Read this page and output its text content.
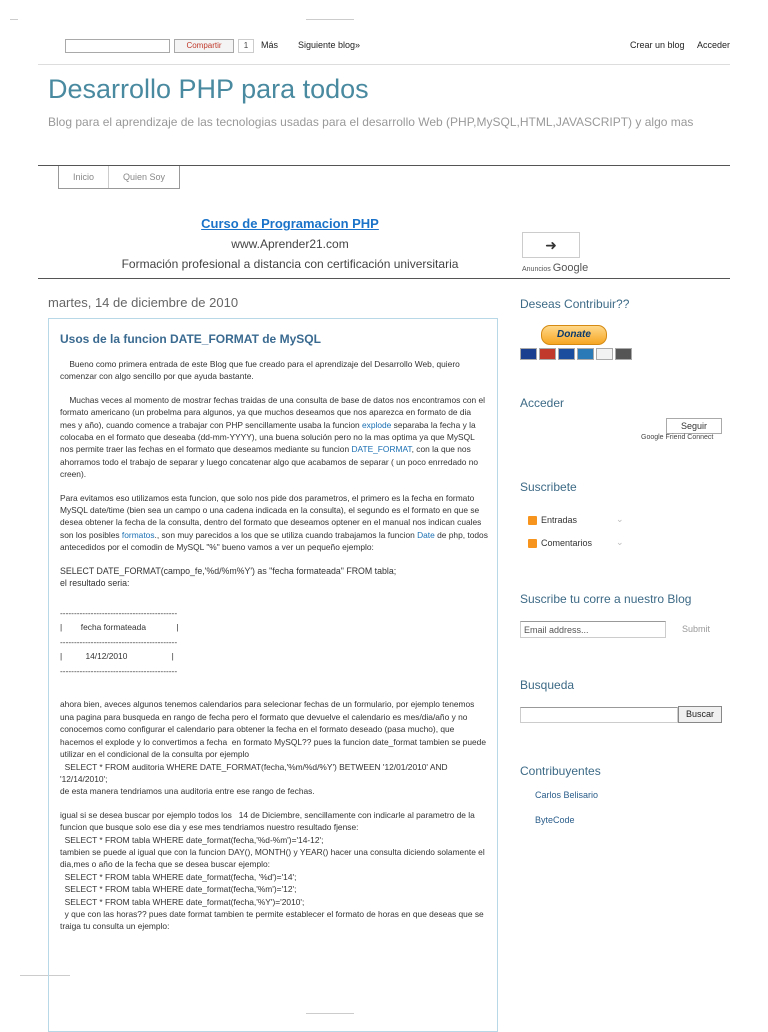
Compartir	1	Más Siguiente blog»	Crear un blog Acceder
Desarrollo PHP para todos
Blog para el aprendizaje de las tecnologias usadas para el desarrollo Web (PHP,MySQL,HTML,JAVASCRIPT) y algo mas
Inicio	Quien Soy
Curso de Programacion PHP
www.Aprender21.com
Formación profesional a distancia con certificación universitaria
➜
Anuncios Google
martes, 14 de diciembre de 2010
Usos de la funcion DATE_FORMAT de MySQL

Bueno como primera entrada de este Blog que fue creado para el aprendizaje del Desarrollo Web, quiero comenzar con algo sencillo por que ayuda bastante.

Muchas veces al momento de mostrar fechas traidas de una consulta de base de datos nos encontramos con el formato americano (un probelma para algunos, ya que muchos deseamos que nos aparezca en formato de dia mes y año), cuando comence a trabajar con PHP sencillamente usaba la funcion explode separaba la fecha y la colocaba en el formato que deseaba (dd-mm-YYYY), una buena solución pero no la mas optima ya que MySQL nos permite traer las fechas en el formato que deseamos mediante su funcion DATE_FORMAT, con la que nos ahorramos todo el trabajo de separar y luego concatenar algo que acabamos de separar ( un poco enrredado no creen).

Para evitamos eso utilizamos esta funcion, que solo nos pide dos parametros, el primero es la fecha en formato MySQL date/time (bien sea un campo o una cadena indicada en la consulta), el segundo es el formato en que se desea obtener la fecha de la consulta, dentro del formato que deseamos optener en el manual nos indican cuales son los posibles formatos., son muy parecidos a los que se utiliza cuando trabajamos la funcion Date de php, todos antecedidos por el comodin de MySQL "%" bueno vamos a ver un pequeño ejemplo:

SELECT DATE_FORMAT(campo_fe,'%d/%m%Y') as "fecha formateada" FROM tabla;
el resultado seria:

------------------------------------------
|        fecha formateada             |
------------------------------------------
|          14/12/2010                   |
------------------------------------------

ahora bien, aveces algunos tenemos calendarios para selecionar fechas de un formulario, por ejemplo tenemos una pagina para busqueda en rango de fecha pero el formato que devuelve el calendario es mes/dia/año y no conocemos como configurar el calendario para obtener la fecha en el formato deseado (pasa mucho), que hacemos el explode y lo convertimos a fecha  en formato MySQL?? pues la funcion date_format tambien se puede utilizar en el condicional de la consulta por ejemplo
SELECT * FROM auditoria WHERE DATE_FORMAT(fecha,'%m/%d/%Y') BETWEEN '12/01/2010' AND '12/14/2010';
de esta manera tendriamos una auditoria entre ese rango de fechas.

igual si se desea buscar por ejemplo todos los   14 de Diciembre, sencillamente con indicarle al parametro de la funcion que busque solo ese dia y ese mes tendriamos nuestro resultado fjense:
SELECT * FROM tabla WHERE date_format(fecha,'%d-%m')='14-12';
tambien se puede al igual que con la funcion DAY(), MONTH() y YEAR() hacer una consulta diciendo solamente el dia,mes o año de la fecha que se desea buscar ejemplo:
SELECT * FROM tabla WHERE date_format(fecha, '%d')='14';
SELECT * FROM tabla WHERE date_format(fecha,'%m')='12';
SELECT * FROM tabla WHERE date_format(fecha,'%Y')='2010';
y que con las horas?? pues date format tambien te permite establecer el formato de horas en que deseas que se traiga tu consulta un ejemplo:

Deseas Contribuir??
Donate
Acceder
Seguir
Google Friend Connect
Suscribete
Entradas	⌄
Comentarios	⌄
Suscribe tu corre a nuestro Blog
Email address...	Submit
Busqueda
Buscar
Contribuyentes
Carlos Belisario
ByteCode
